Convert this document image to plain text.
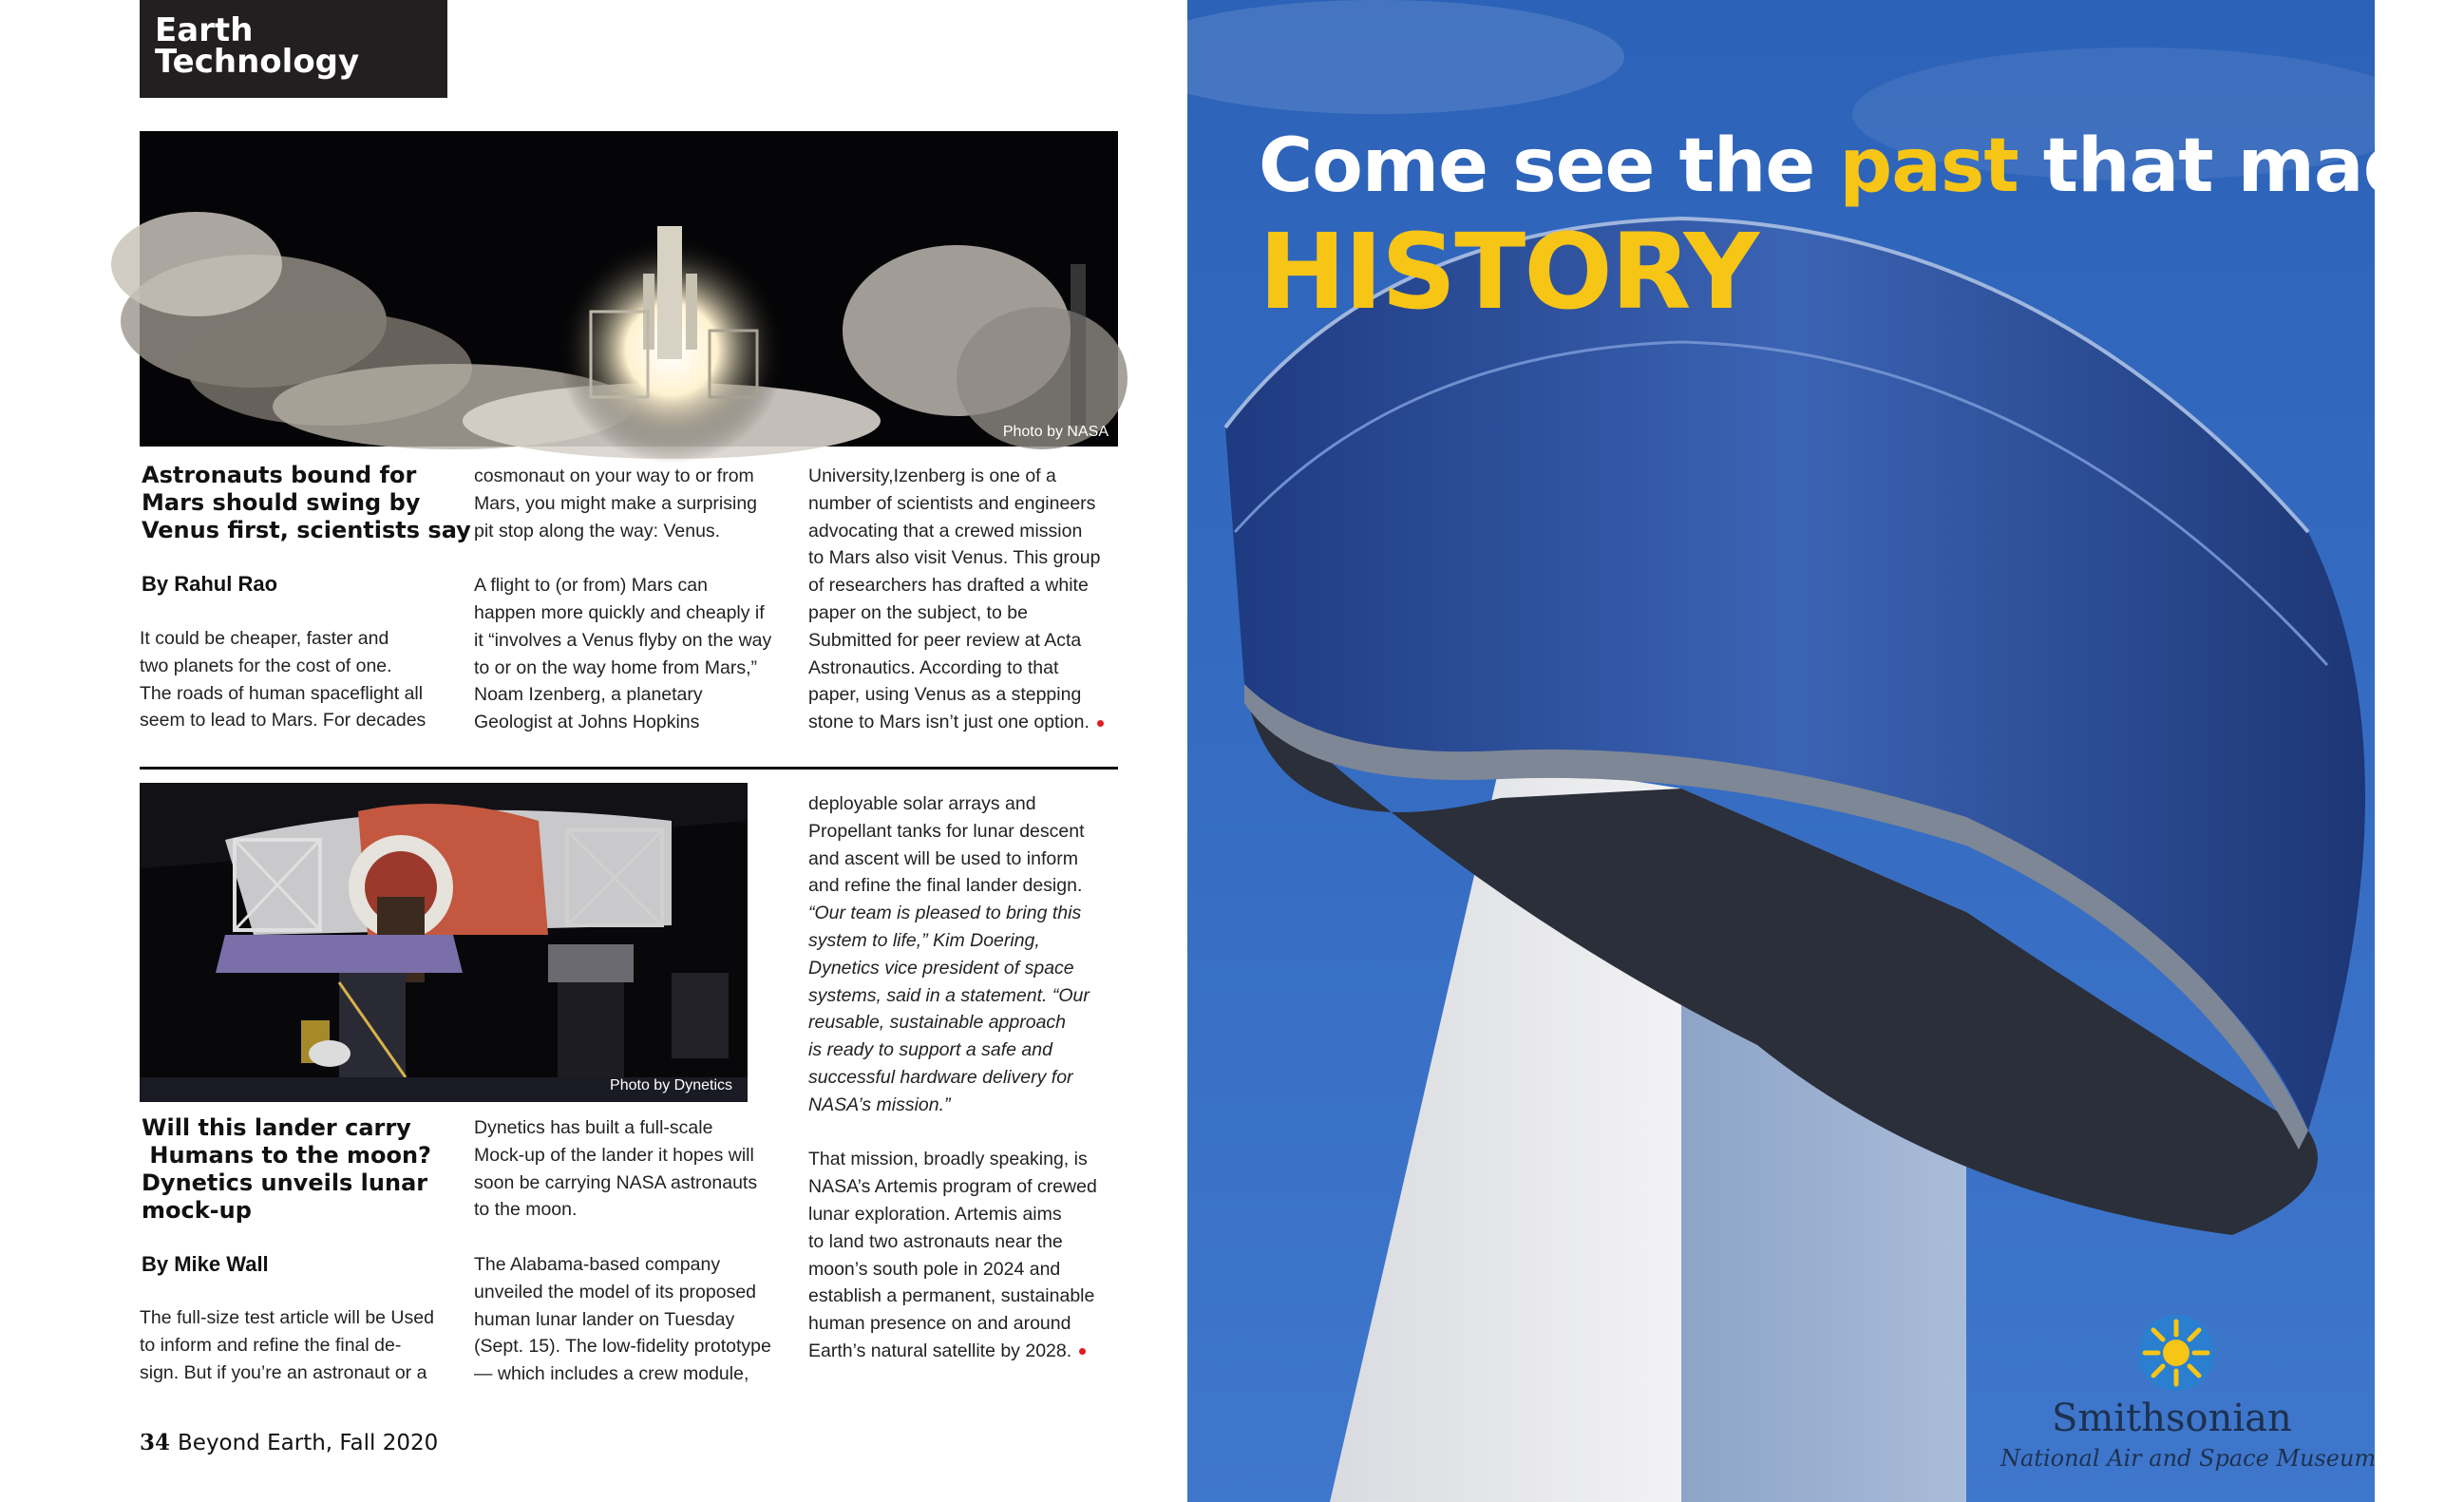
Earth
Technology
Photo by NASA
Astronauts bound for
Mars should swing by
Venus first, scientists say
By Rahul Rao

It could be cheaper, faster and
two planets for the cost of one.
The roads of human spaceflight all
seem to lead to Mars. For decades

cosmonaut on your way to or from
Mars, you might make a surprising
pit stop along the way: Venus.

A flight to (or from) Mars can
happen more quickly and cheaply if
it “involves a Venus flyby on the way
to or on the way home from Mars,”
Noam Izenberg, a planetary
Geologist at Johns Hopkins

University,Izenberg is one of a
number of scientists and engineers
advocating that a crewed mission
to Mars also visit Venus. This group
of researchers has drafted a white
paper on the subject, to be
Submitted for peer review at Acta
Astronautics. According to that
paper, using Venus as a stepping
stone to Mars isn’t just one option.

Photo by Dynetics
Will this lander carry
Humans to the moon?
Dynetics unveils lunar
mock-up
By Mike Wall

The full-size test article will be Used
to inform and refine the final de-
sign. But if you’re an astronaut or a

Dynetics has built a full-scale
Mock-up of the lander it hopes will
soon be carrying NASA astronauts
to the moon.

The Alabama-based company
unveiled the model of its proposed
human lunar lander on Tuesday
(Sept. 15). The low-fidelity prototype
— which includes a crew module,

deployable solar arrays and
Propellant tanks for lunar descent
and ascent will be used to inform
and refine the final lander design.

“Our team is pleased to bring this
system to life,” Kim Doering,
Dynetics vice president of space
systems, said in a statement. “Our
reusable, sustainable approach
is ready to support a safe and
successful hardware delivery for
NASA’s mission.”

That mission, broadly speaking, is
NASA’s Artemis program of crewed
lunar exploration. Artemis aims
to land two astronauts near the
moon’s south pole in 2024 and
establish a permanent, sustainable
human presence on and around
Earth’s natural satellite by 2028.

34 Beyond Earth, Fall 2020
Come see the past that made
HISTORY
Smithsonian
National Air and Space Museum
